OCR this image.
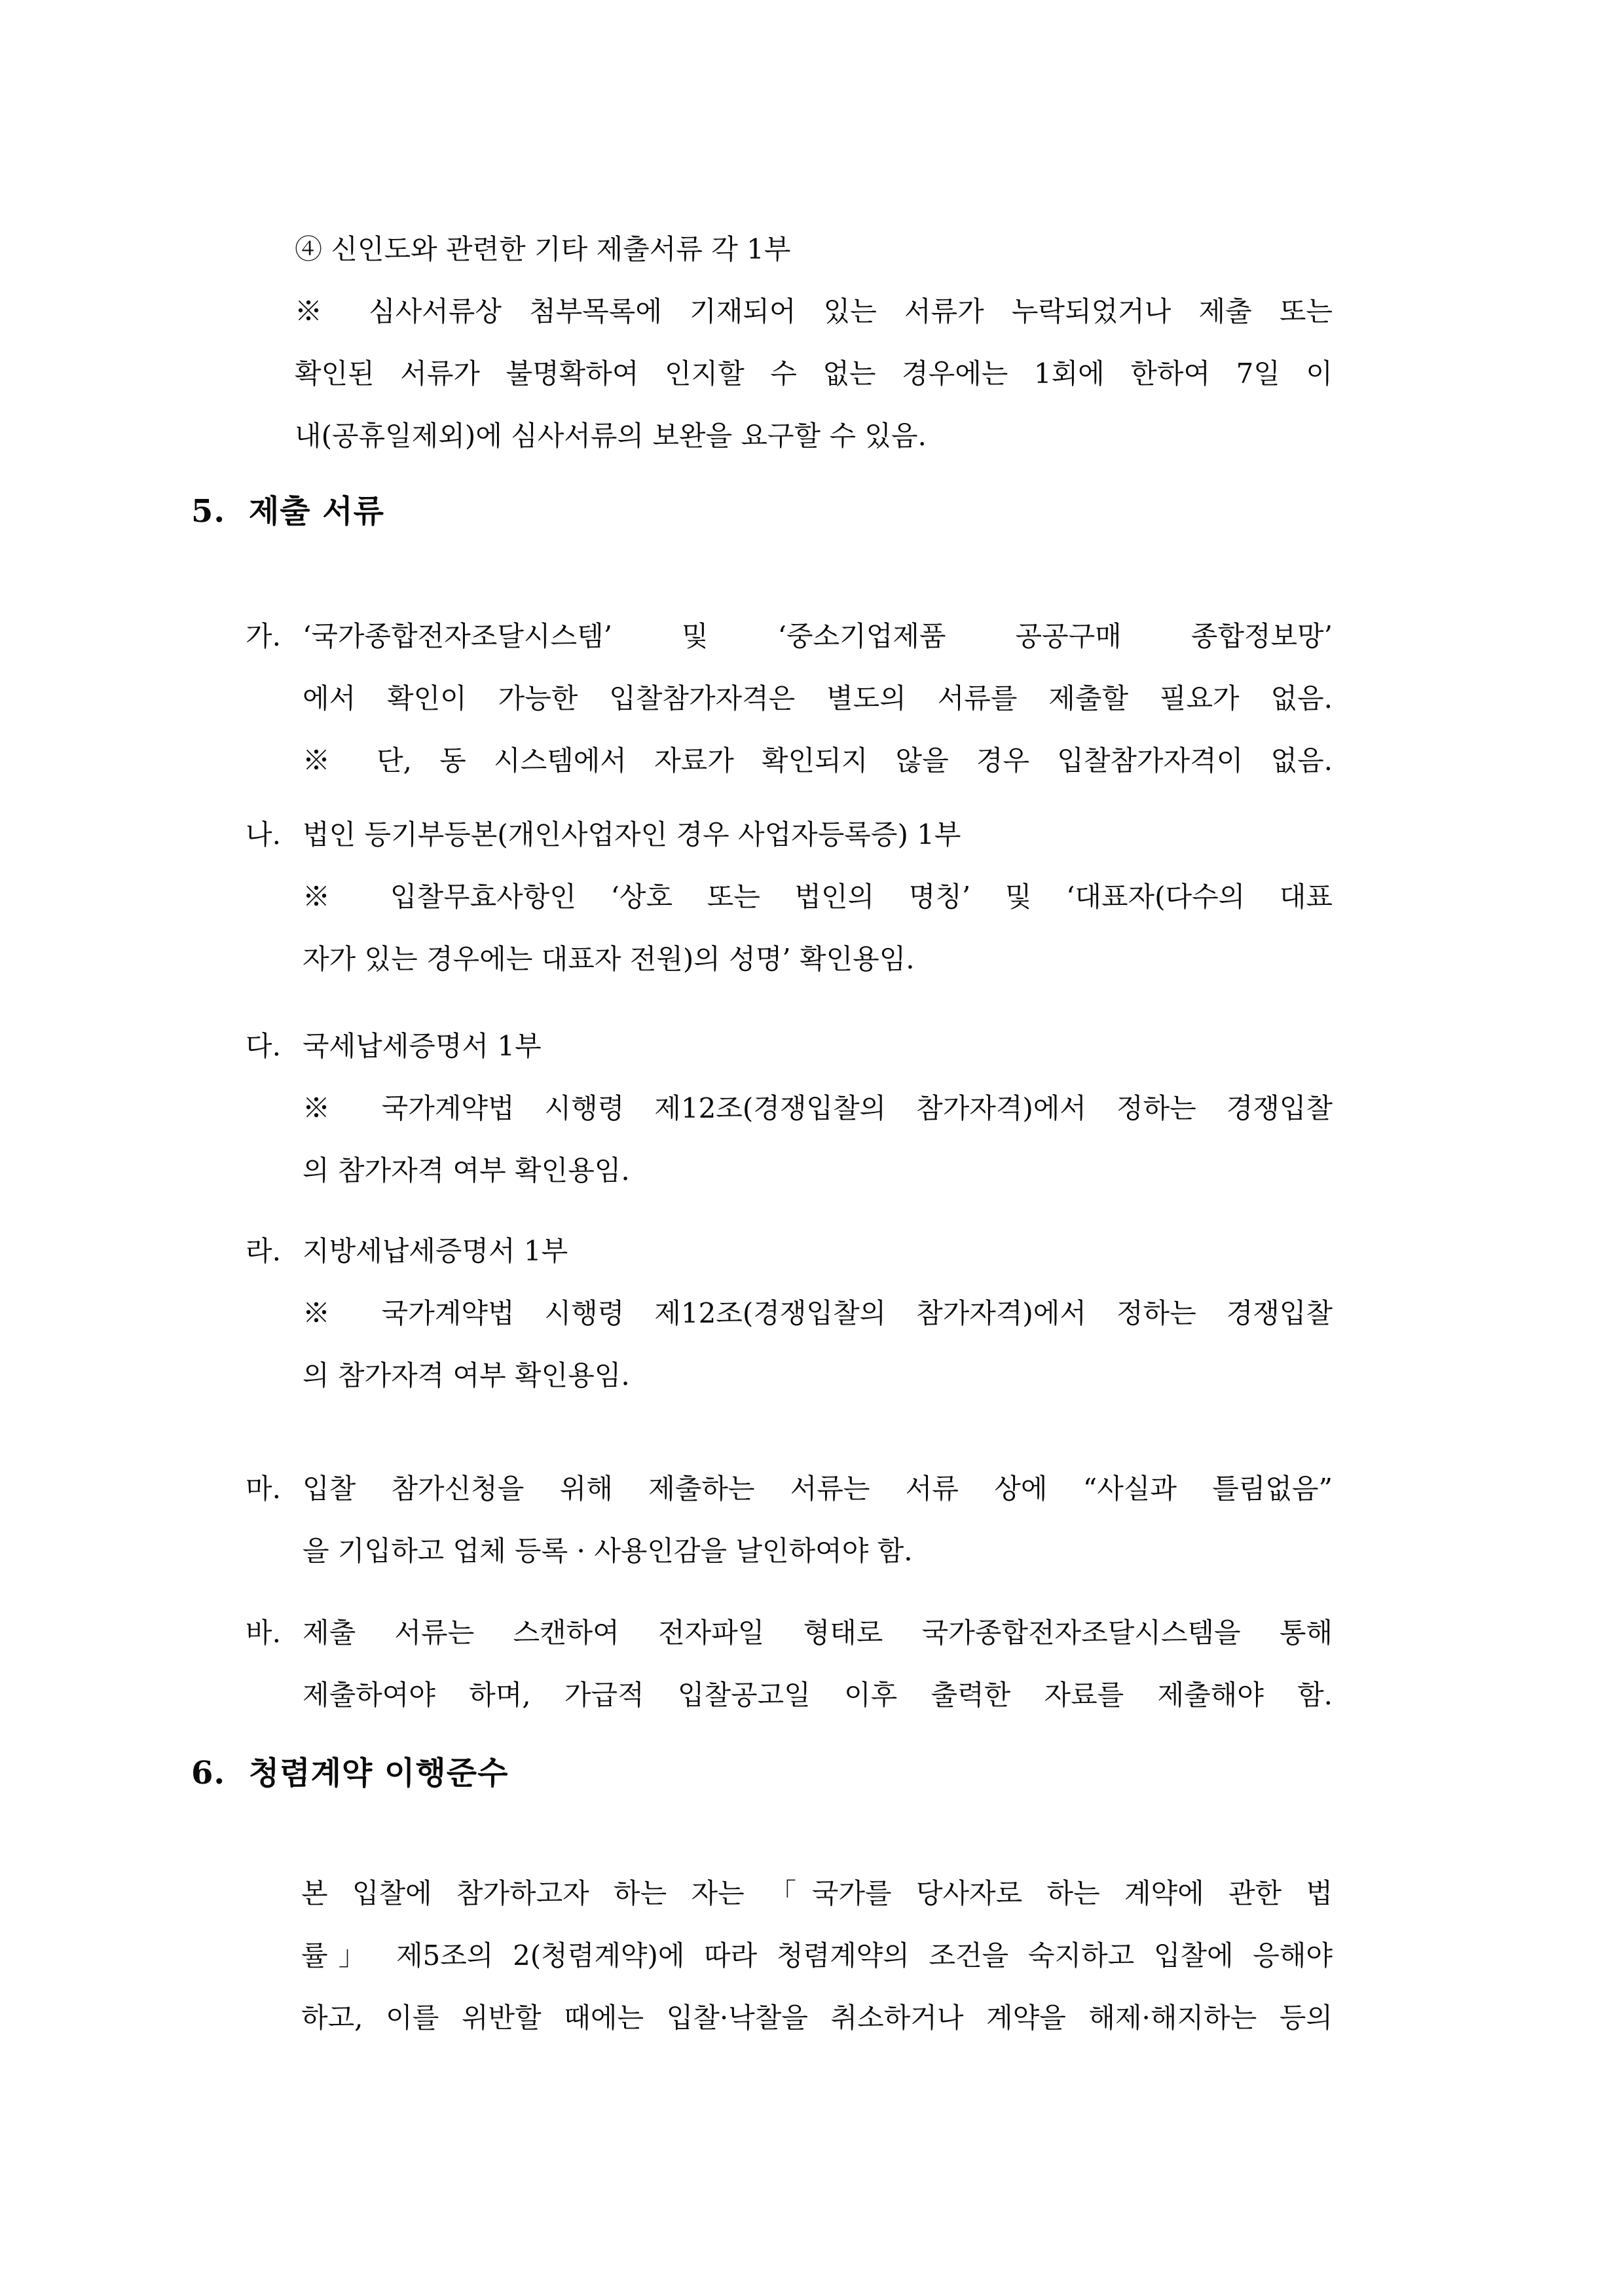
④ 신인도와 관련한 기타 제출서류 각 1부
※ 심사서류상 첨부목록에 기재되어 있는 서류가 누락되었거나 제출 또는
확인된 서류가 불명확하여 인지할 수 없는 경우에는 1회에 한하여 7일 이
내(공휴일제외)에 심사서류의 보완을 요구할 수 있음.
5. 제출 서류
가. ‘국가종합전자조달시스템’ 및 ‘중소기업제품 공공구매 종합정보망’
에서 확인이 가능한 입찰참가자격은 별도의 서류를 제출할 필요가 없음.
※ 단, 동 시스템에서 자료가 확인되지 않을 경우 입찰참가자격이 없음.
나. 법인 등기부등본(개인사업자인 경우 사업자등록증) 1부
※ 입찰무효사항인 ‘상호 또는 법인의 명칭’ 및 ‘대표자(다수의 대표
자가 있는 경우에는 대표자 전원)의 성명’ 확인용임.
다. 국세납세증명서 1부
※ 국가계약법 시행령 제12조(경쟁입찰의 참가자격)에서 정하는 경쟁입찰
의 참가자격 여부 확인용임.
라. 지방세납세증명서 1부
※ 국가계약법 시행령 제12조(경쟁입찰의 참가자격)에서 정하는 경쟁입찰
의 참가자격 여부 확인용임.
마. 입찰 참가신청을 위해 제출하는 서류는 서류 상에 “사실과 틀림없음”
을 기입하고 업체 등록 · 사용인감을 날인하여야 함.
바. 제출 서류는 스캔하여 전자파일 형태로 국가종합전자조달시스템을 통해
제출하여야 하며, 가급적 입찰공고일 이후 출력한 자료를 제출해야 함.
6. 청렴계약 이행준수
본 입찰에 참가하고자 하는 자는 「국가를 당사자로 하는 계약에 관한 법
률」 제5조의 2(청렴계약)에 따라 청렴계약의 조건을 숙지하고 입찰에 응해야
하고, 이를 위반할 때에는 입찰·낙찰을 취소하거나 계약을 해제·해지하는 등의
